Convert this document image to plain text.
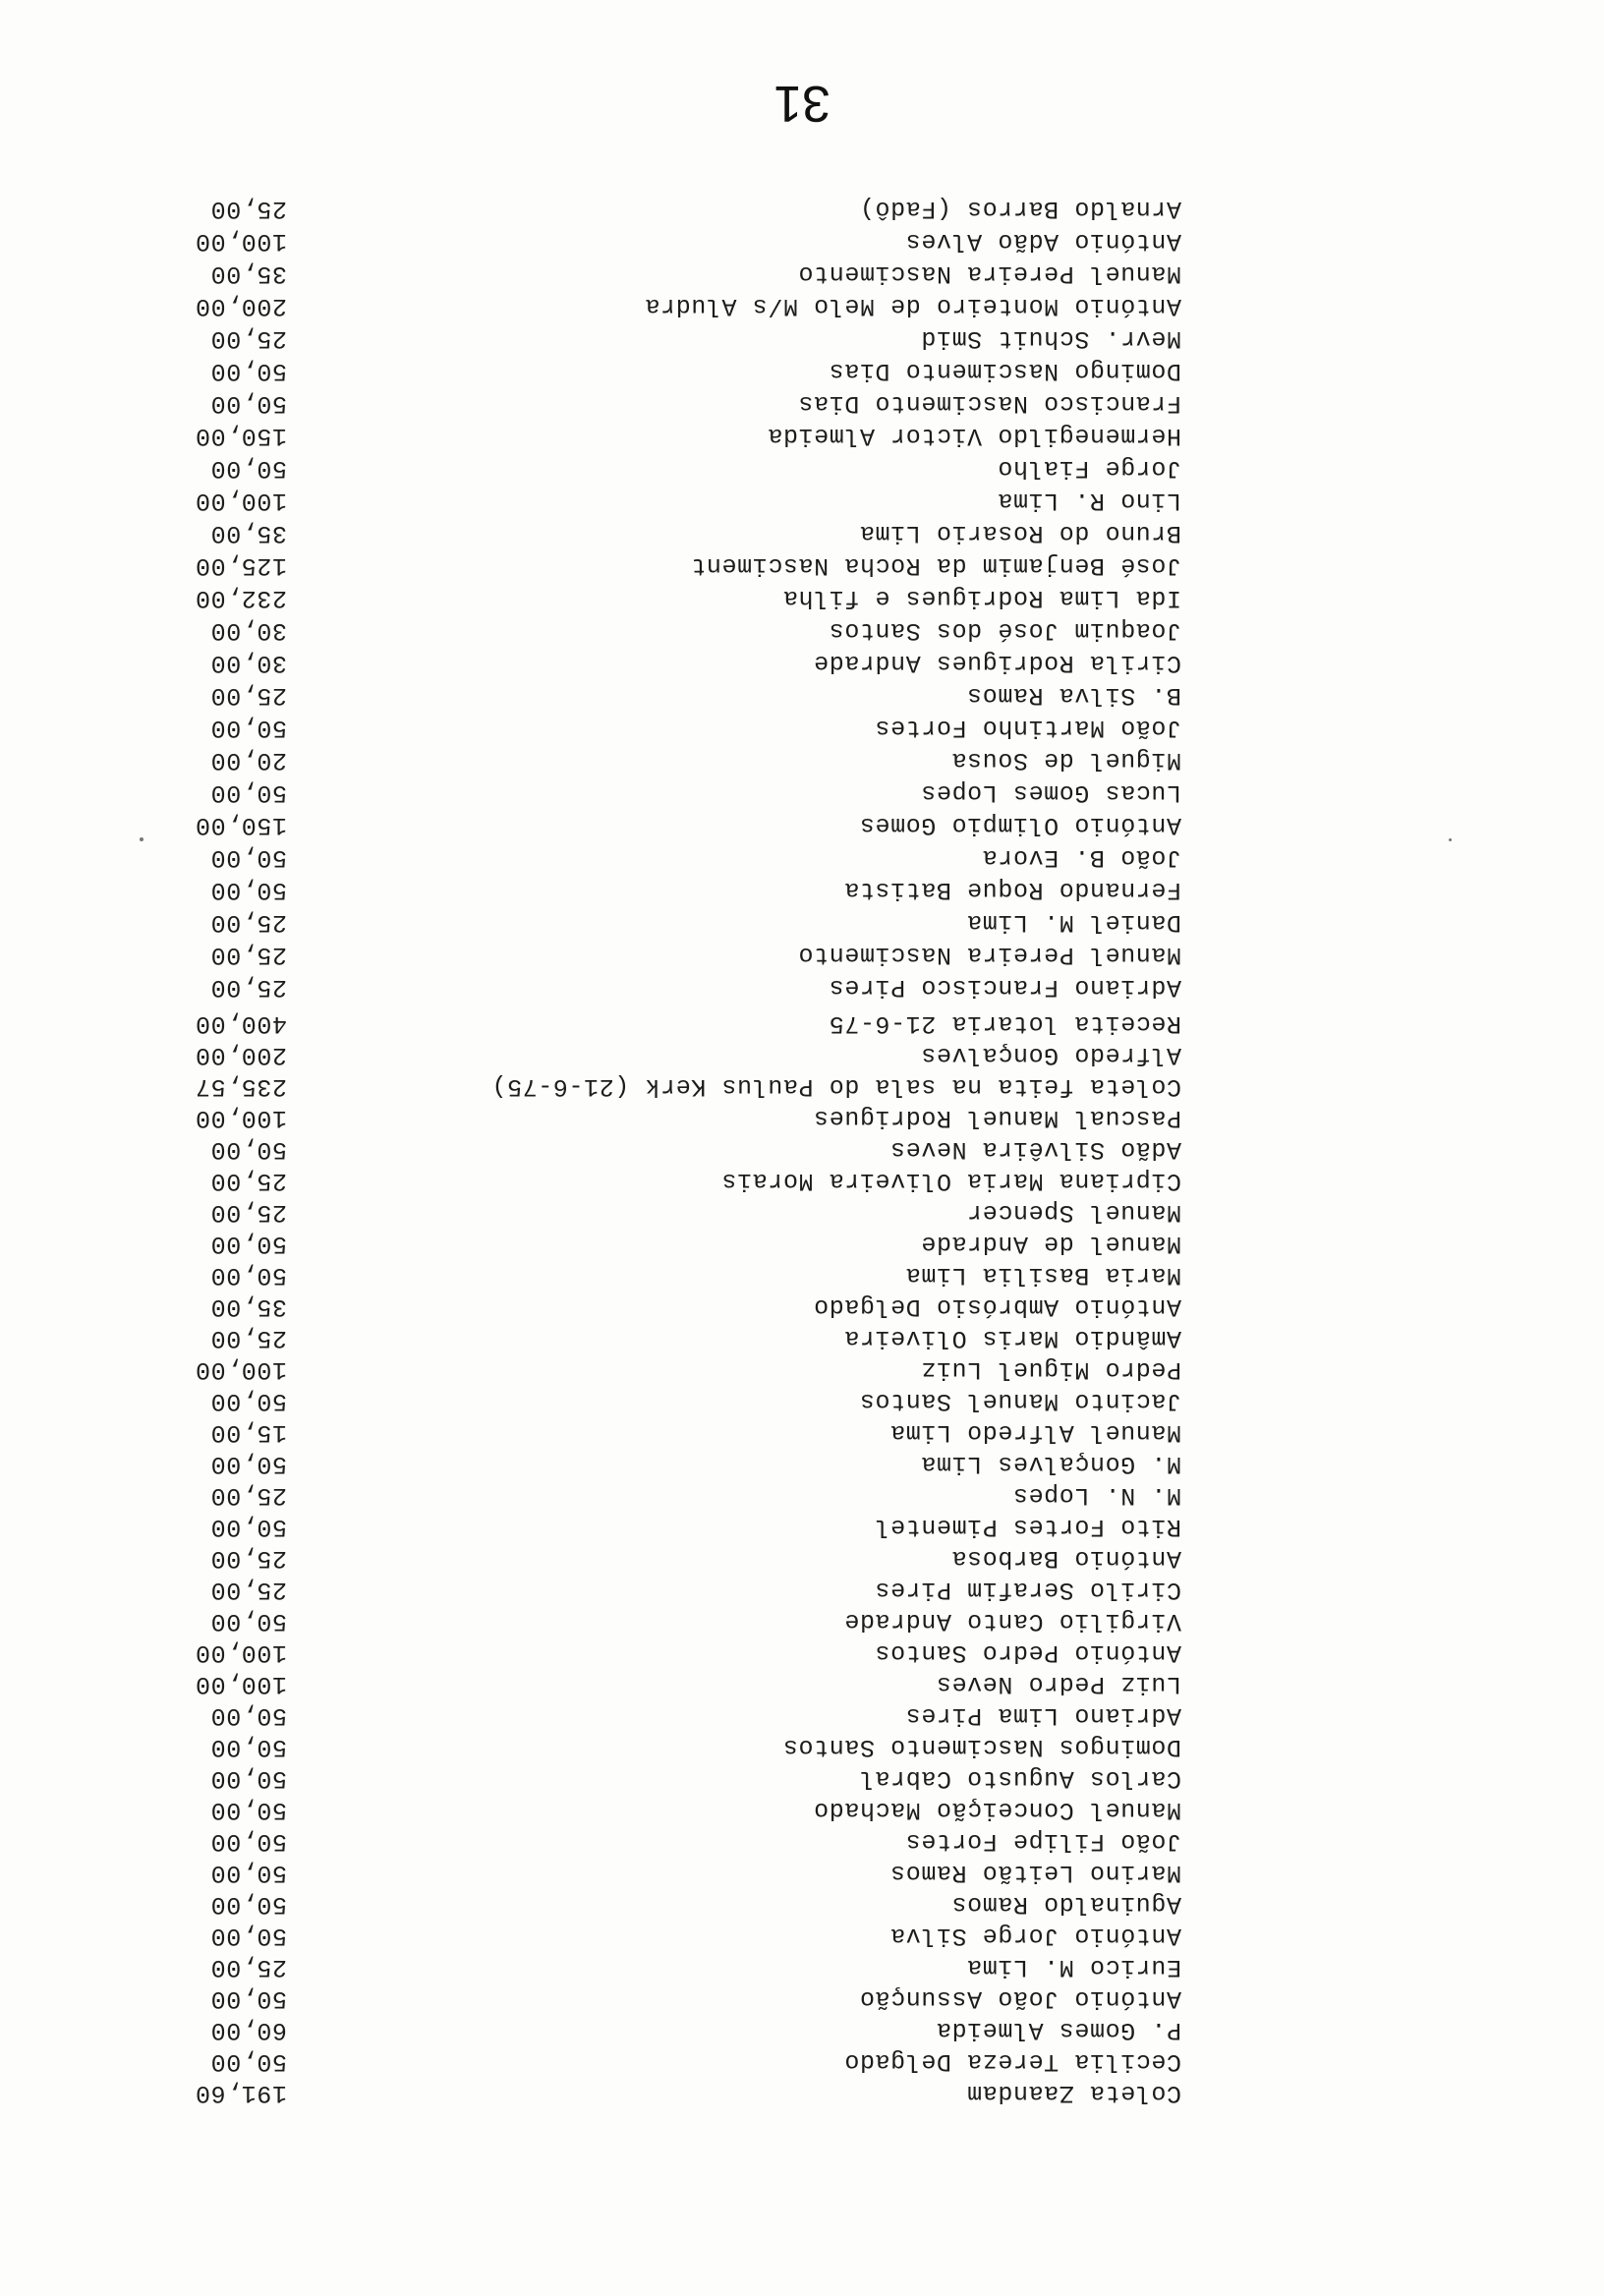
31
Arnaldo Barros (Fadô)
25,00
António Adão Alves
100,00
Manuel Pereira Nascimento
35,00
António Monteiro de Melo M/s Aludra
200,00
Mevr. Schuit Smid
25,00
Domingo Nascimento Dias
50,00
Francisco Nascimento Dias
50,00
Hermenegildo Victor Almeida
150,00
Jorge Fialho
50,00
Lino R. Lima
100,00
Bruno do Rosario Lima
35,00
José Benjamim da Rocha Nasciment
125,00
Ida Lima Rodrigues e filha
232,00
Joaquim José dos Santos
30,00
Cirila Rodrigues Andrade
30,00
B. Silva Ramos
25,00
João Martinho Fortes
50,00
Miguel de Sousa
20,00
Lucas Gomes Lopes
50,00
António Olimpio Gomes
150,00
João B. Evora
50,00
Fernando Roque Batista
50,00
Daniel M. Lima
25,00
Manuel Pereira Nascimento
25,00
Adriano Francisco Pires
25,00
Receita lotaria 21-6-75
400,00
Alfredo Gonçalves
200,00
Coleta feita na sala do Paulus Kerk (21-6-75)
235,57
Pascual Manuel Rodrigues
100,00
Adão Silvêira Neves
50,00
Cipriana Maria Oliveira Morais
25,00
Manuel Spencer
25,00
Manuel de Andrade
50,00
Maria Basilia Lima
50,00
António Ambrósio Delgado
35,00
Amândio Maris Oliveira
25,00
Pedro Miguel Luiz
100,00
Jacinto Manuel Santos
50,00
Manuel Alfredo Lima
15,00
M. Gonçalves Lima
50,00
M. N. Lopes
25,00
Rito Fortes Pimentel
50,00
António Barbosa
25,00
Cirilo Serafim Pires
25,00
Virgilio Canto Andrade
50,00
António Pedro Santos
100,00
Luiz Pedro Neves
100,00
Adriano Lima Pires
50,00
Domingos Nascimento Santos
50,00
Carlos Augusto Cabral
50,00
Manuel Conceição Machado
50,00
João Filipe Fortes
50,00
Marino Leitão Ramos
50,00
Aguinaldo Ramos
50,00
António Jorge Silva
50,00
Eurico M. Lima
25,00
António João Assunção
50,00
P. Gomes Almeida
60,00
Cecilia Tereza Delgado
50,00
Coleta Zaandam
191,60
